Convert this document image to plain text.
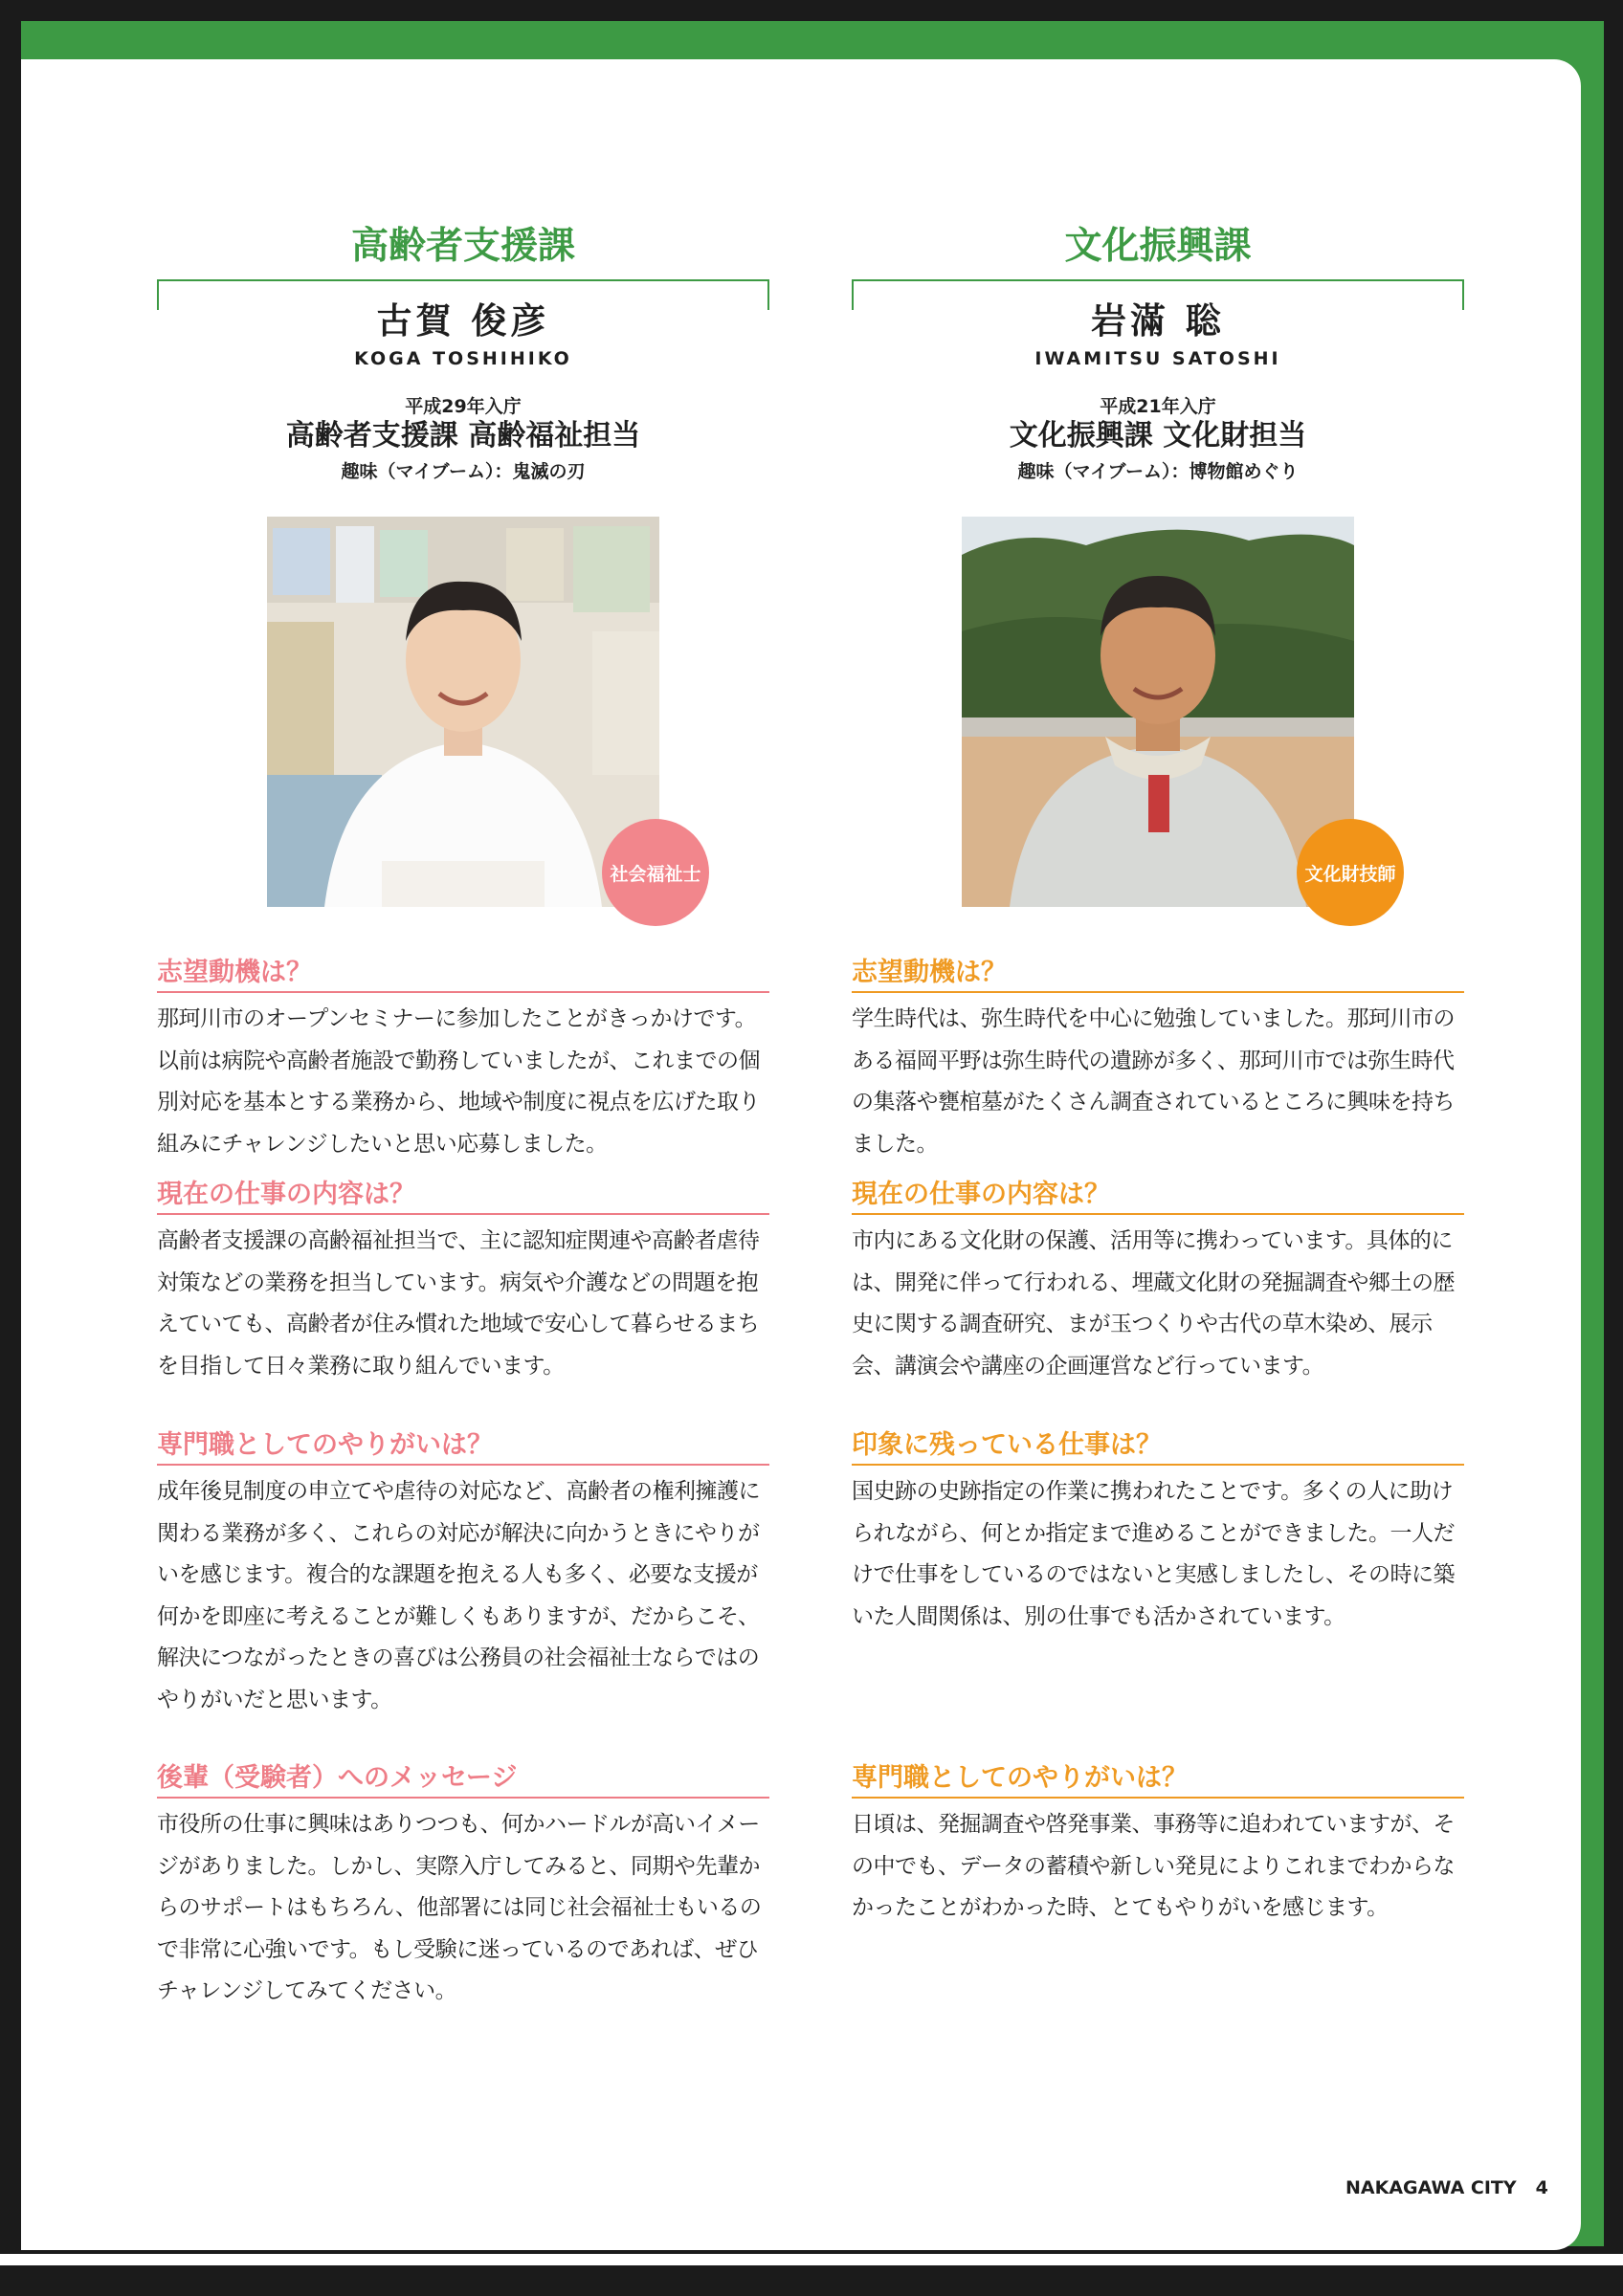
高齢者支援課
古賀 俊彦
KOGA TOSHIHIKO
平成29年入庁
高齢者支援課 高齢福祉担当
趣味（マイブーム）：鬼滅の刃
社会福祉士
志望動機は？
那珂川市のオープンセミナーに参加したことがきっかけです。以前は病院や高齢者施設で勤務していましたが、これまでの個別対応を基本とする業務から、地域や制度に視点を広げた取り組みにチャレンジしたいと思い応募しました。
現在の仕事の内容は？
高齢者支援課の高齢福祉担当で、主に認知症関連や高齢者虐待対策などの業務を担当しています。病気や介護などの問題を抱えていても、高齢者が住み慣れた地域で安心して暮らせるまちを目指して日々業務に取り組んでいます。
専門職としてのやりがいは？
成年後見制度の申立てや虐待の対応など、高齢者の権利擁護に関わる業務が多く、これらの対応が解決に向かうときにやりがいを感じます。複合的な課題を抱える人も多く、必要な支援が何かを即座に考えることが難しくもありますが、だからこそ、解決につながったときの喜びは公務員の社会福祉士ならではのやりがいだと思います。
後輩（受験者）へのメッセージ
市役所の仕事に興味はありつつも、何かハードルが高いイメージがありました。しかし、実際入庁してみると、同期や先輩からのサポートはもちろん、他部署には同じ社会福祉士もいるので非常に心強いです。もし受験に迷っているのであれば、ぜひチャレンジしてみてください。
文化振興課
岩滿 聡
IWAMITSU SATOSHI
平成21年入庁
文化振興課 文化財担当
趣味（マイブーム）：博物館めぐり
文化財技師
志望動機は？
学生時代は、弥生時代を中心に勉強していました。那珂川市のある福岡平野は弥生時代の遺跡が多く、那珂川市では弥生時代の集落や甕棺墓がたくさん調査されているところに興味を持ちました。
現在の仕事の内容は？
市内にある文化財の保護、活用等に携わっています。具体的には、開発に伴って行われる、埋蔵文化財の発掘調査や郷土の歴史に関する調査研究、まが玉つくりや古代の草木染め、展示会、講演会や講座の企画運営など行っています。
印象に残っている仕事は？
国史跡の史跡指定の作業に携われたことです。多くの人に助けられながら、何とか指定まで進めることができました。一人だけで仕事をしているのではないと実感しましたし、その時に築いた人間関係は、別の仕事でも活かされています。
専門職としてのやりがいは？
日頃は、発掘調査や啓発事業、事務等に追われていますが、その中でも、データの蓄積や新しい発見によりこれまでわからなかったことがわかった時、とてもやりがいを感じます。
NAKAGAWA CITY 4
